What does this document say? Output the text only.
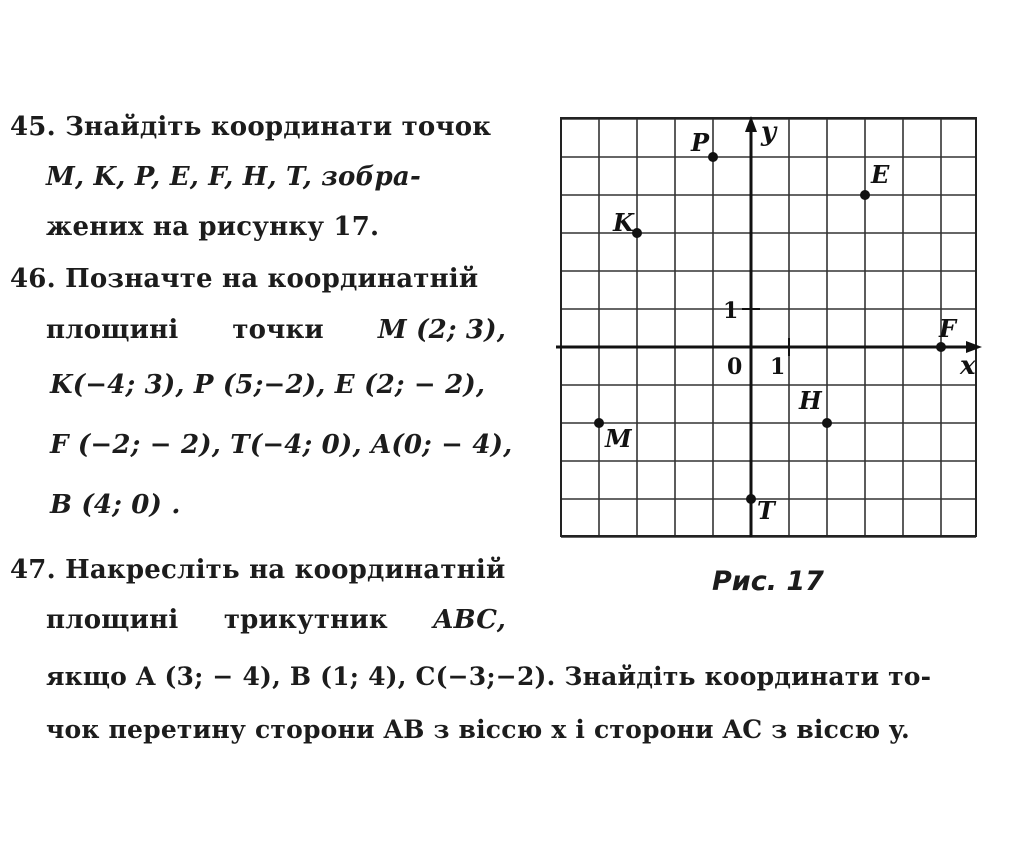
45. Знайдіть координати точок
M, K, P, E, F, H, T, зобра-
жених на рисунку 17.
46. Позначте на координатній
площині точки M (2; 3),
K(−4; 3), P (5;−2), E (2; − 2),
F (−2; − 2), T(−4; 0), A(0; − 4),
B (4; 0) .
47. Накресліть на координатній
площині трикутник ABC,
якщо A (3; − 4), B (1; 4), C(−3;−2). Знайдіть координати то-
чок перетину сторони AB з віссю x і сторони AC з віссю y.
x
y
0 1
1
P
E
K
F
H
M
T
Рис. 17
